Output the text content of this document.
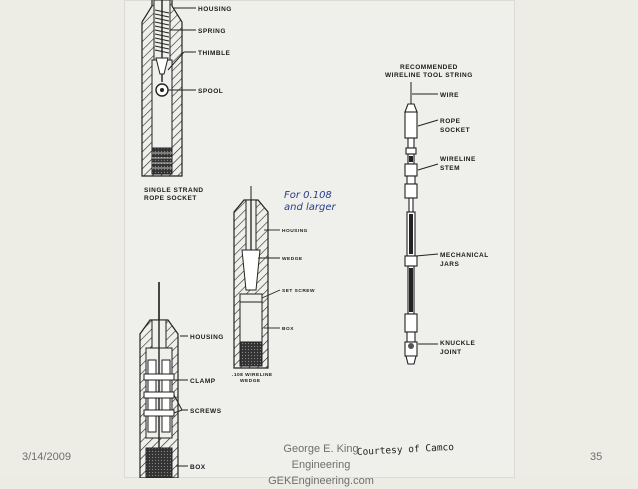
HOUSING
SPRING
THIMBLE
SPOOL
SINGLE STRAND
ROPE SOCKET	For 0.108
and larger
HOUSING
WEDGE
SET SCREW
BOX
.108 WIRELINE
WEDGE
HOUSING
CLAMP
SCREWS
BOX
RECOMMENDED
WIRELINE TOOL STRING
WIRE
ROPE
SOCKET
WIRELINE
STEM
MECHANICAL
JARS
KNUCKLE
JOINT
Courtesy of Camco
3/14/2009
George E. King Engineering
GEKEngineering.com
35
